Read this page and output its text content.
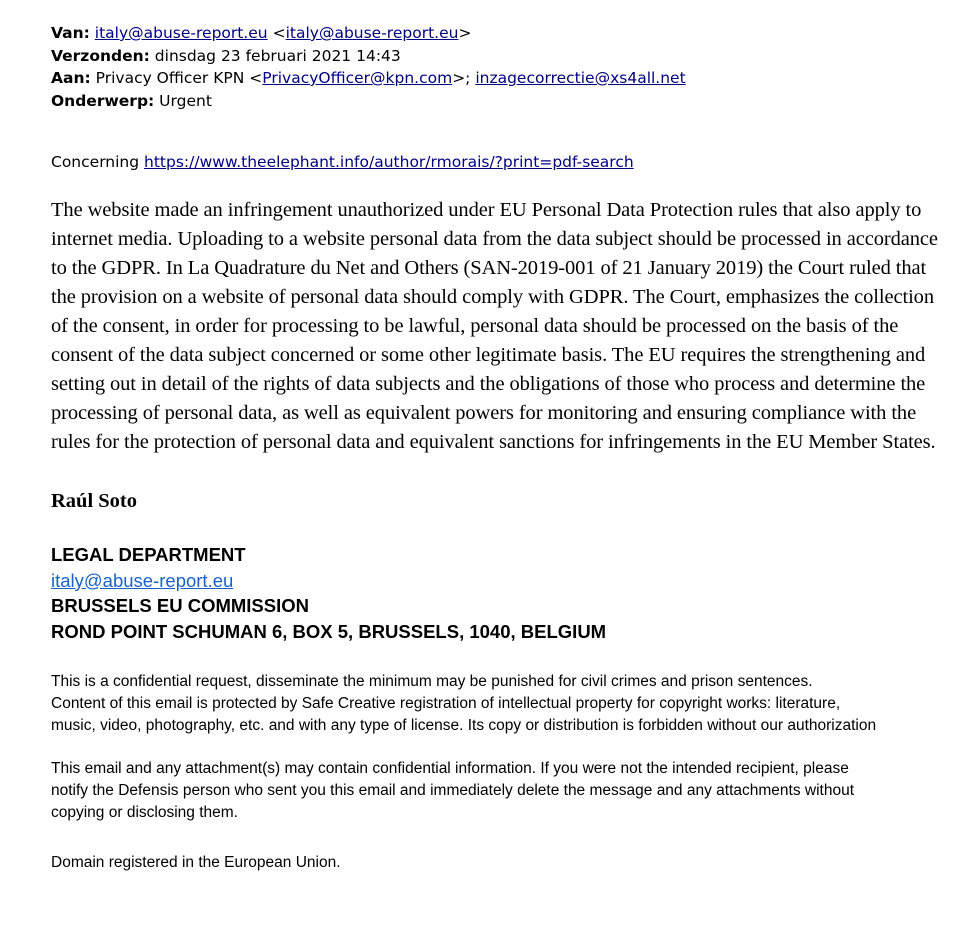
Van: italy@abuse-report.eu <italy@abuse-report.eu>
Verzonden: dinsdag 23 februari 2021 14:43
Aan: Privacy Officer KPN <PrivacyOfficer@kpn.com>; inzagecorrectie@xs4all.net
Onderwerp: Urgent
Concerning https://www.theelephant.info/author/rmorais/?print=pdf-search
The website made an infringement unauthorized under EU Personal Data Protection rules that also apply to internet media. Uploading to a website personal data from the data subject should be processed in accordance to the GDPR. In La Quadrature du Net and Others (SAN-2019-001 of 21 January 2019) the Court ruled that the provision on a website of personal data should comply with GDPR. The Court, emphasizes the collection of the consent, in order for processing to be lawful, personal data should be processed on the basis of the consent of the data subject concerned or some other legitimate basis. The EU requires the strengthening and setting out in detail of the rights of data subjects and the obligations of those who process and determine the processing of personal data, as well as equivalent powers for monitoring and ensuring compliance with the rules for the protection of personal data and equivalent sanctions for infringements in the EU Member States.
Raúl Soto
LEGAL DEPARTMENT
italy@abuse-report.eu
BRUSSELS EU COMMISSION
ROND POINT SCHUMAN 6, BOX 5, BRUSSELS, 1040, BELGIUM
This is a confidential request, disseminate the minimum may be punished for civil crimes and prison sentences.
Content of this email is protected by Safe Creative registration of intellectual property for copyright works: literature,
music, video, photography, etc. and with any type of license. Its copy or distribution is forbidden without our authorization
This email and any attachment(s) may contain confidential information. If you were not the intended recipient, please
notify the Defensis person who sent you this email and immediately delete the message and any attachments without
copying or disclosing them.
Domain registered in the European Union.
